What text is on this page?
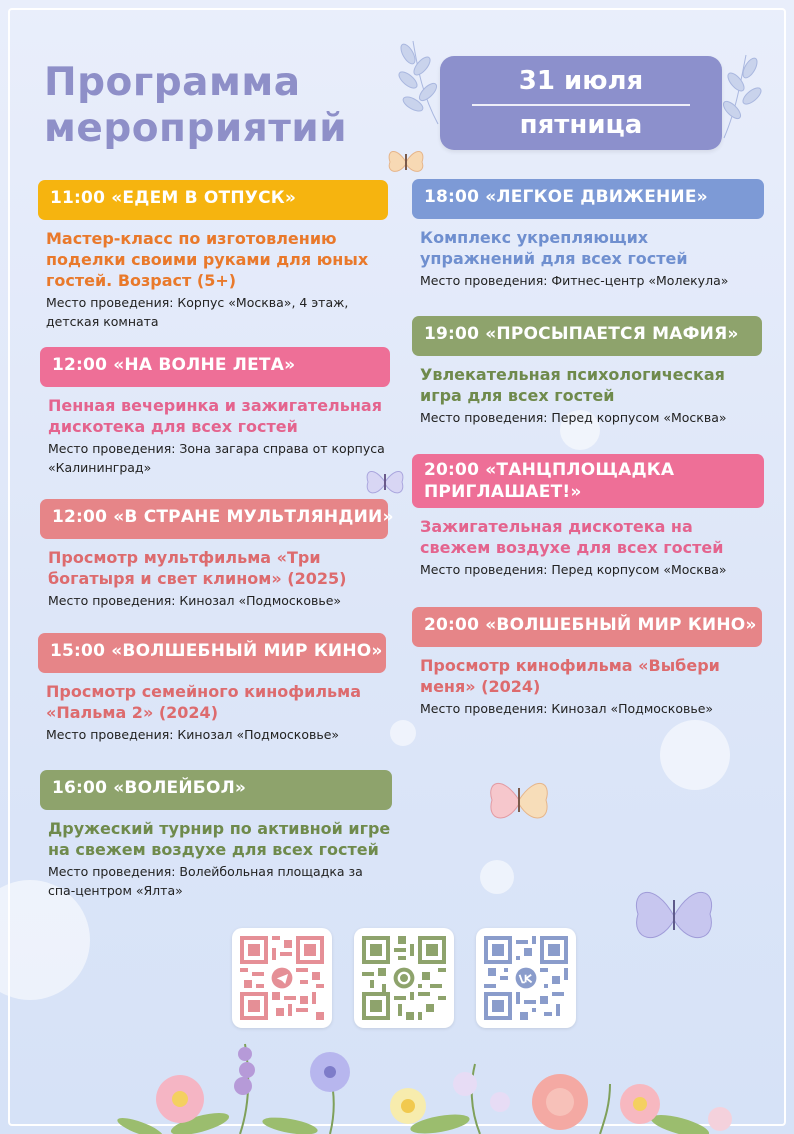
Программа
мероприятий
31 июля
пятница
11:00 «ЕДЕМ В ОТПУСК»
Мастер-класс по изготовлению поделки своими руками для юных гостей. Возраст (5+)
Место проведения: Корпус «Москва», 4 этаж, детская комната
12:00 «НА ВОЛНЕ ЛЕТА»
Пенная вечеринка и зажигательная дискотека для всех гостей
Место проведения: Зона загара справа от корпуса «Калининград»
12:00 «В СТРАНЕ МУЛЬТЛЯНДИИ»
Просмотр мультфильма «Три богатыря и свет клином» (2025)
Место проведения: Кинозал «Подмосковье»
15:00 «ВОЛШЕБНЫЙ МИР КИНО»
Просмотр семейного кинофильма «Пальма 2» (2024)
Место проведения: Кинозал «Подмосковье»
16:00 «ВОЛЕЙБОЛ»
Дружеский турнир по активной игре на свежем воздухе для всех гостей
Место проведения: Волейбольная площадка за спа-центром «Ялта»
18:00 «ЛЕГКОЕ ДВИЖЕНИЕ»
Комплекс укрепляющих упражнений для всех гостей
Место проведения: Фитнес-центр «Молекула»
19:00 «ПРОСЫПАЕТСЯ МАФИЯ»
Увлекательная психологическая игра для всех гостей
Место проведения: Перед корпусом «Москва»
20:00 «ТАНЦПЛОЩАДКА ПРИГЛАШАЕТ!»
Зажигательная дискотека на свежем воздухе для всех гостей
Место проведения: Перед корпусом «Москва»
20:00 «ВОЛШЕБНЫЙ МИР КИНО»
Просмотр кинофильма «Выбери меня» (2024)
Место проведения: Кинозал «Подмосковье»
